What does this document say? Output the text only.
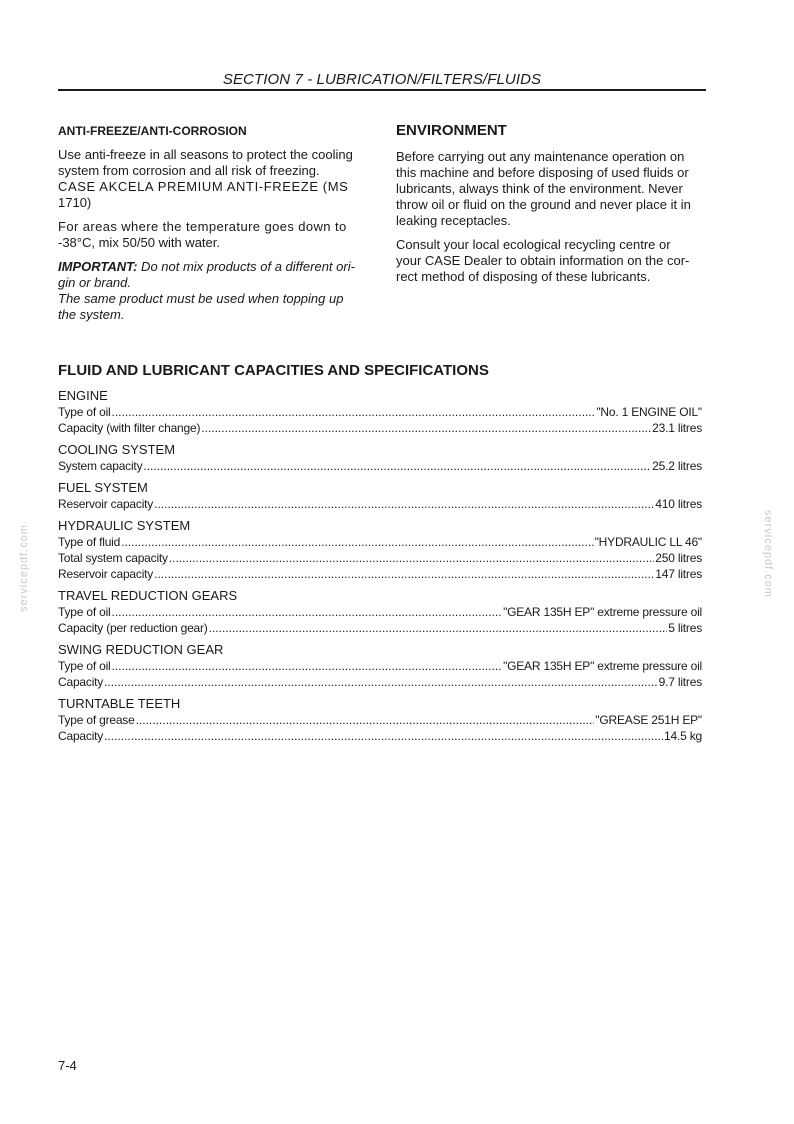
SECTION 7 - LUBRICATION/FILTERS/FLUIDS
ANTI-FREEZE/ANTI-CORROSION

Use anti-freeze in all seasons to protect the cooling
system from corrosion and all risk of freezing.
CASE AKCELA PREMIUM ANTI-FREEZE (MS
1710)

For areas where the temperature goes down to
-38°C, mix 50/50 with water.

IMPORTANT: Do not mix products of a different ori-
gin or brand.
The same product must be used when topping up
the system.

ENVIRONMENT

Before carrying out any maintenance operation on
this machine and before disposing of used fluids or
lubricants, always think of the environment. Never
throw oil or fluid on the ground and never place it in
leaking receptacles.

Consult your local ecological recycling centre or
your CASE Dealer to obtain information on the cor-
rect method of disposing of these lubricants.

FLUID AND LUBRICANT CAPACITIES AND SPECIFICATIONS
ENGINE
Type of oil .....	"No. 1 ENGINE OIL"
Capacity (with filter change) .....	23.1 litres
COOLING SYSTEM
System capacity .....	25.2 litres
FUEL SYSTEM
Reservoir capacity .....	410 litres
HYDRAULIC SYSTEM
Type of fluid .....	"HYDRAULIC LL 46"
Total system capacity .....	250 litres
Reservoir capacity .....	147 litres
TRAVEL REDUCTION GEARS
Type of oil .....	"GEAR 135H EP" extreme pressure oil
Capacity (per reduction gear) .....	5 litres
SWING REDUCTION GEAR
Type of oil .....	"GEAR 135H EP" extreme pressure oil
Capacity .....	9.7 litres
TURNTABLE TEETH
Type of grease .....	"GREASE 251H EP"
Capacity .....	14.5 kg
servicepdf.com	servicepdf.com
7-4
